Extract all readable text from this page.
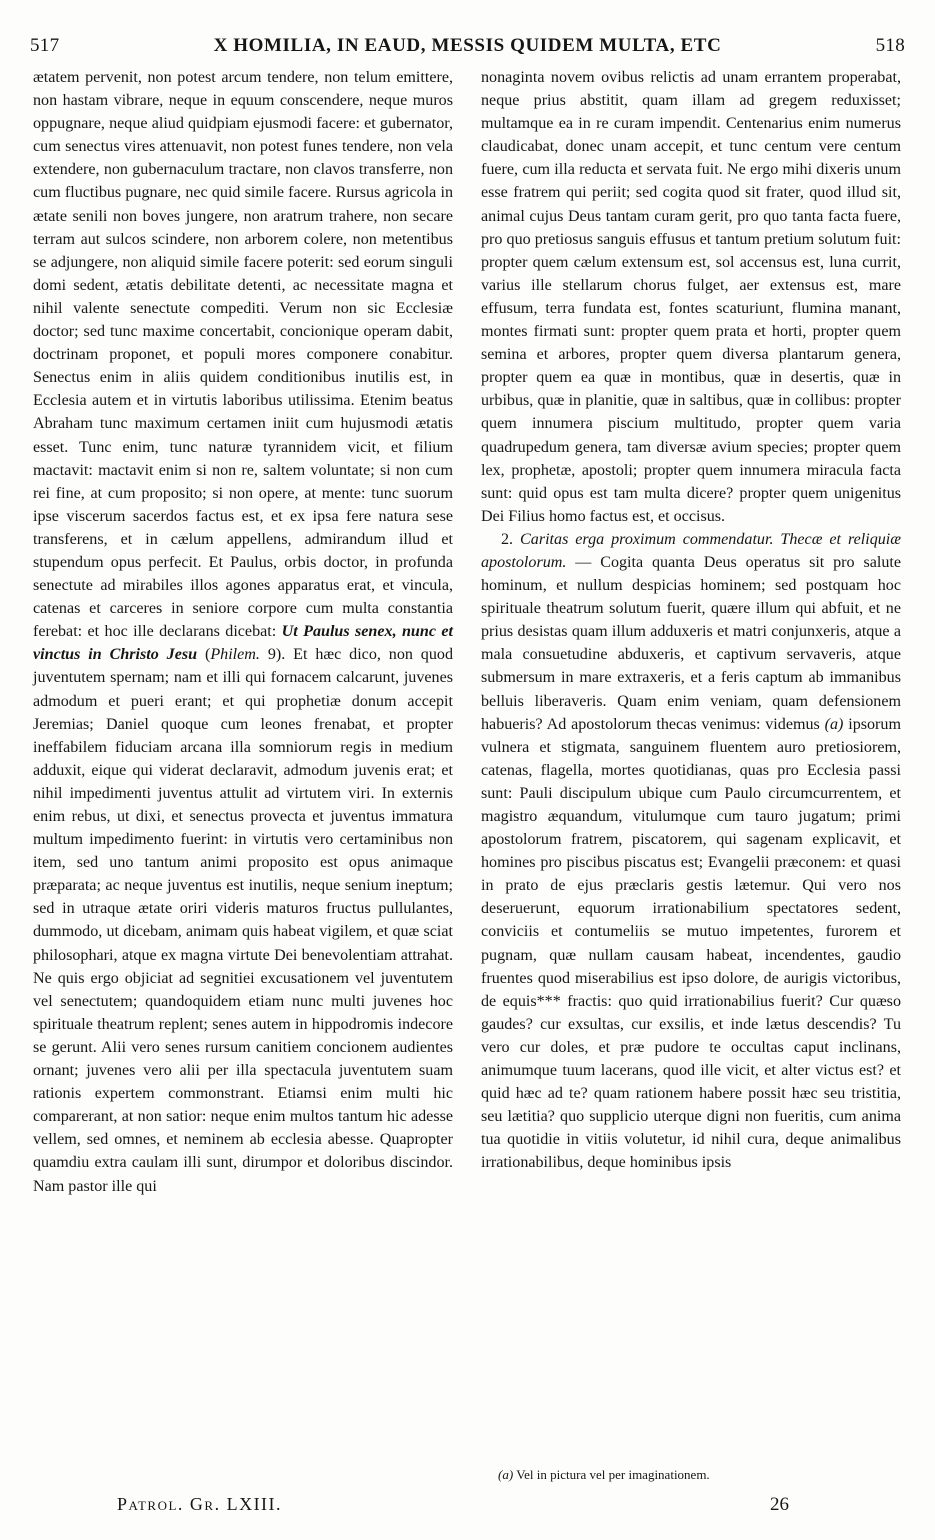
517	X HOMILIA, IN EAUD, MESSIS QUIDEM MULTA, ETC	518

ætatem pervenit, non potest arcum tendere, non telum emittere, non hastam vibrare, neque in equum conscendere, neque muros oppugnare, neque aliud quidpiam ejusmodi facere: et gubernator, cum senectus vires attenuavit, non potest funes tendere, non vela extendere, non gubernaculum tractare, non clavos transferre, non cum fluctibus pugnare, nec quid simile facere. Rursus agricola in ætate senili non boves jungere, non aratrum trahere, non secare terram aut sulcos scindere, non arborem colere, non metentibus se adjungere, non aliquid simile facere poterit: sed eorum singuli domi sedent, ætatis debilitate detenti, ac necessitate magna et nihil valente senectute compediti. Verum non sic Ecclesiæ doctor; sed tunc maxime concertabit, concionique operam dabit, doctrinam proponet, et populi mores componere conabitur. Senectus enim in aliis quidem conditionibus inutilis est, in Ecclesia autem et in virtutis laboribus utilissima. Etenim beatus Abraham tunc maximum certamen iniit cum hujusmodi ætatis esset. Tunc enim, tunc naturæ tyrannidem vicit, et filium mactavit: mactavit enim si non re, saltem voluntate; si non cum rei fine, at cum proposito; si non opere, at mente: tunc suorum ipse viscerum sacerdos factus est, et ex ipsa fere natura sese transferens, et in cælum appellens, admirandum illud et stupendum opus perfecit. Et Paulus, orbis doctor, in profunda senectute ad mirabiles illos agones apparatus erat, et vincula, catenas et carceres in seniore corpore cum multa constantia ferebat: et hoc ille declarans dicebat: Ut Paulus senex, nunc et vinctus in Christo Jesu (Philem. 9). Et hæc dico, non quod juventutem spernam; nam et illi qui fornacem calcarunt, juvenes admodum et pueri erant; et qui prophetiæ donum accepit Jeremias; Daniel quoque cum leones frenabat, et propter ineffabilem fiduciam arcana illa somniorum regis in medium adduxit, eique qui viderat declaravit, admodum juvenis erat; et nihil impedimenti juventus attulit ad virtutem viri. In externis enim rebus, ut dixi, et senectus provecta et juventus immatura multum impedimento fuerint: in virtutis vero certaminibus non item, sed uno tantum animi proposito est opus animaque præparata; ac neque juventus est inutilis, neque senium ineptum; sed in utraque ætate oriri videris maturos fructus pullulantes, dummodo, ut dicebam, animam quis habeat vigilem, et quæ sciat philosophari, atque ex magna virtute Dei benevolentiam attrahat. Ne quis ergo objiciat ad segnitiei excusationem vel juventutem vel senectutem; quandoquidem etiam nunc multi juvenes hoc spirituale theatrum replent; senes autem in hippodromis indecore se gerunt. Alii vero senes rursum canitiem concionem audientes ornant; juvenes vero alii per illa spectacula juventutem suam rationis expertem commonstrant. Etiamsi enim multi hic comparerant, at non satior: neque enim multos tantum hic adesse vellem, sed omnes, et neminem ab ecclesia abesse. Quapropter quamdiu extra caulam illi sunt, dirumpor et doloribus discindor. Nam pastor ille qui

nonaginta novem ovibus relictis ad unam errantem properabat, neque prius abstitit, quam illam ad gregem reduxisset; multamque ea in re curam impendit. Centenarius enim numerus claudicabat, donec unam accepit, et tunc centum vere centum fuere, cum illa reducta et servata fuit. Ne ergo mihi dixeris unum esse fratrem qui periit; sed cogita quod sit frater, quod illud sit, animal cujus Deus tantam curam gerit, pro quo tanta facta fuere, pro quo pretiosus sanguis effusus et tantum pretium solutum fuit: propter quem cælum extensum est, sol accensus est, luna currit, varius ille stellarum chorus fulget, aer extensus est, mare effusum, terra fundata est, fontes scaturiunt, flumina manant, montes firmati sunt: propter quem prata et horti, propter quem semina et arbores, propter quem diversa plantarum genera, propter quem ea quæ in montibus, quæ in desertis, quæ in urbibus, quæ in planitie, quæ in saltibus, quæ in collibus: propter quem innumera piscium multitudo, propter quem varia quadrupedum genera, tam diversæ avium species; propter quem lex, prophetæ, apostoli; propter quem innumera miracula facta sunt: quid opus est tam multa dicere? propter quem unigenitus Dei Filius homo factus est, et occisus.

2. Caritas erga proximum commendatur. Thecæ et reliquiæ apostolorum. — Cogita quanta Deus operatus sit pro salute hominum, et nullum despicias hominem; sed postquam hoc spirituale theatrum solutum fuerit, quære illum qui abfuit, et ne prius desistas quam illum adduxeris et matri conjunxeris, atque a mala consuetudine abduxeris, et captivum servaveris, atque submersum in mare extraxeris, et a feris captum ab immanibus belluis liberaveris. Quam enim veniam, quam defensionem habueris? Ad apostolorum thecas venimus: videmus (a) ipsorum vulnera et stigmata, sanguinem fluentem auro pretiosiorem, catenas, flagella, mortes quotidianas, quas pro Ecclesia passi sunt: Pauli discipulum ubique cum Paulo circumcurrentem, et magistro æquandum, vitulumque cum tauro jugatum; primi apostolorum fratrem, piscatorem, qui sagenam explicavit, et homines pro piscibus piscatus est; Evangelii præconem: et quasi in prato de ejus præclaris gestis lætemur. Qui vero nos deseruerunt, equorum irrationabilium spectatores sedent, conviciis et contumeliis se mutuo impetentes, furorem et pugnam, quæ nullam causam habeat, incendentes, gaudio fruentes quod miserabilius est ipso dolore, de aurigis victoribus, de equis*** fractis: quo quid irrationabilius fuerit? Cur quæso gaudes? cur exsultas, cur exsilis, et inde lætus descendis? Tu vero cur doles, et præ pudore te occultas caput inclinans, animumque tuum lacerans, quod ille vicit, et alter victus est? et quid hæc ad te? quam rationem habere possit hæc seu tristitia, seu lætitia? quo supplicio uterque digni non fueritis, cum anima tua quotidie in vitiis volutetur, id nihil cura, deque animalibus irrationabilibus, deque hominibus ipsis

(a) Vel in pictura vel per imaginationem.
Patrol. Gr. LXIII.	26
